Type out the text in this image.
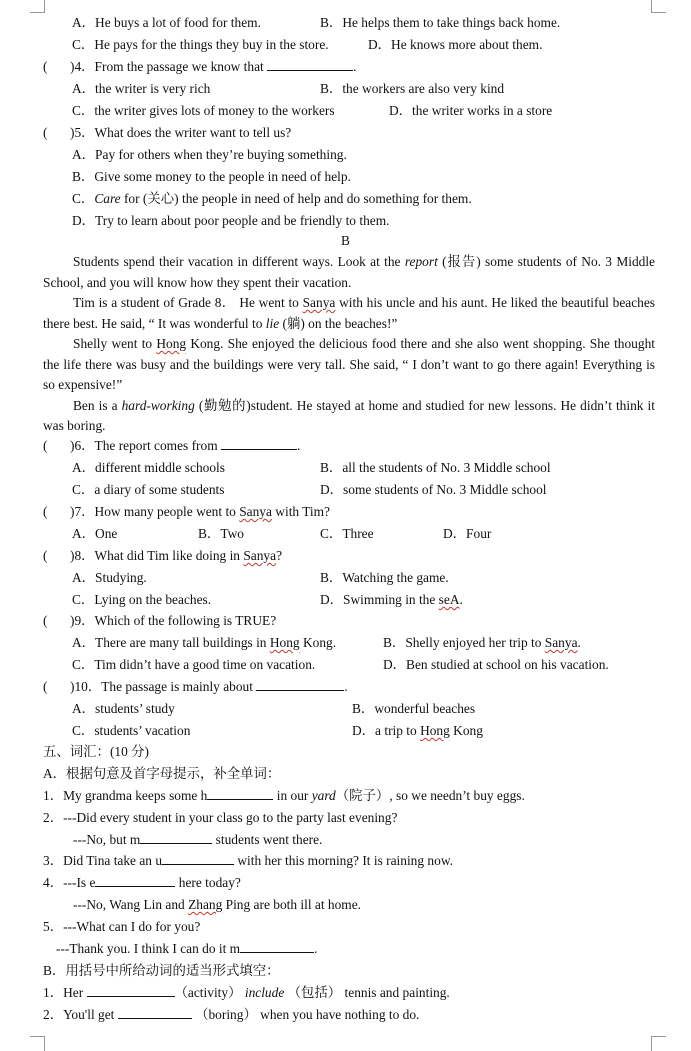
A．He buys a lot of food for them.	B．He helps them to take things back home.
C．He pays for the things they buy in the store.	D．He knows more about them.
( )4．From the passage we know that	.
A．the writer is very rich	B．the workers are also very kind
C．the writer gives lots of money to the workers	D．the writer works in a store
( )5．What does the writer want to tell us?
A．Pay for others when they’re buying something.
B．Give some money to the people in need of help.
C．Care for (关心) the people in need of help and do something for them.
D．Try to learn about poor people and be friendly to them.
B

Students spend their vacation in different ways. Look at the report (报告) some students of No. 3 Middle School, and you will know how they spent their vacation.

Tim is a student of Grade 8． He went to Sanya with his uncle and his aunt. He liked the beautiful beaches there best. He said, “ It was wonderful to lie (躺) on the beaches!”

Shelly went to Hong Kong. She enjoyed the delicious food there and she also went shopping. She thought the life there was busy and the buildings were very tall. She said, “ I don’t want to go there again! Everything is so expensive!”

Ben is a hard-working (勤勉的)student. He stayed at home and studied for new lessons. He didn’t think it was boring.

( )6．The report comes from	.
A．different middle schools	B．all the students of No. 3 Middle school
C．a diary of some students	D．some students of No. 3 Middle school
( )7．How many people went to Sanya with Tim?
A．One	B．Two	C．Three	D．Four
( )8．What did Tim like doing in Sanya?
A．Studying.	B．Watching the game.
C．Lying on the beaches.	D．Swimming in the seA.
( )9．Which of the following is TRUE?
A．There are many tall buildings in Hong Kong.	B．Shelly enjoyed her trip to Sanya.
C．Tim didn’t have a good time on vacation.	D．Ben studied at school on his vacation.
( )10．The passage is mainly about	.
A．students’ study	B．wonderful beaches
C．students’ vacation	D．a trip to Hong Kong
五、词汇：(10 分)
A．根据句意及首字母提示，补全单词：
1．My grandma keeps some h	in our yard（院子）, so we needn’t buy eggs.
2．---Did every student in your class go to the party last evening?
---No, but m	students went there.
3．Did Tina take an u	with her this morning? It is raining now.
4．---Is e	here today?
---No, Wang Lin and Zhang Ping are both ill at home.
5．---What can I do for you?
---Thank you. I think I can do it m	.
B．用括号中所给动词的适当形式填空：
1．Her	（activity） include （包括） tennis and painting.
2．You'll get	（boring） when you have nothing to do.
